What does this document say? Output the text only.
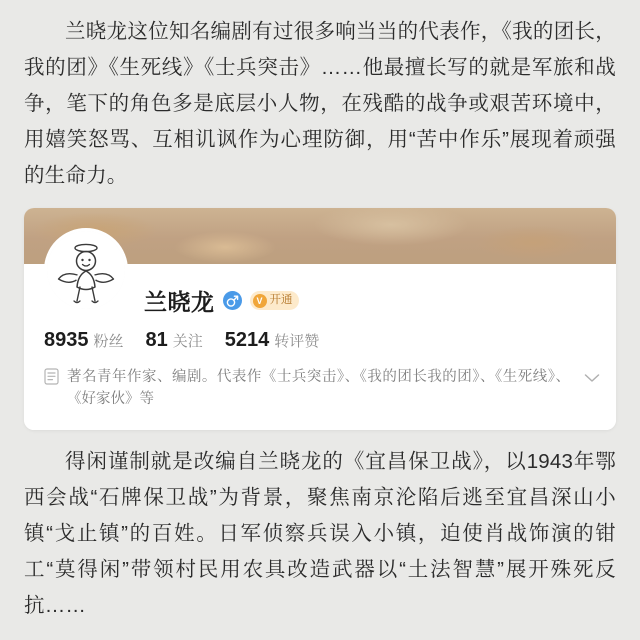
兰晓龙这位知名编剧有过很多响当当的代表作，《我的团长，我的团》《生死线》《士兵突击》……他最擅长写的就是军旅和战争，笔下的角色多是底层小人物，在残酷的战争或艰苦环境中，用嬉笑怒骂、互相讥讽作为心理防御，用“苦中作乐”展现着顽强的生命力。

兰晓龙	V 开通
8935 粉丝 81 关注 5214 转评赞
著名青年作家、编剧。代表作《士兵突击》、《我的团长我的团》、《生死线》、《好家伙》等

得闲谨制就是改编自兰晓龙的《宜昌保卫战》，以1943年鄂西会战“石牌保卫战”为背景，聚焦南京沦陷后逃至宜昌深山小镇“戈止镇”的百姓。日军侦察兵误入小镇，迫使肖战饰演的钳工“莫得闲”带领村民用农具改造武器以“土法智慧”展开殊死反抗……
